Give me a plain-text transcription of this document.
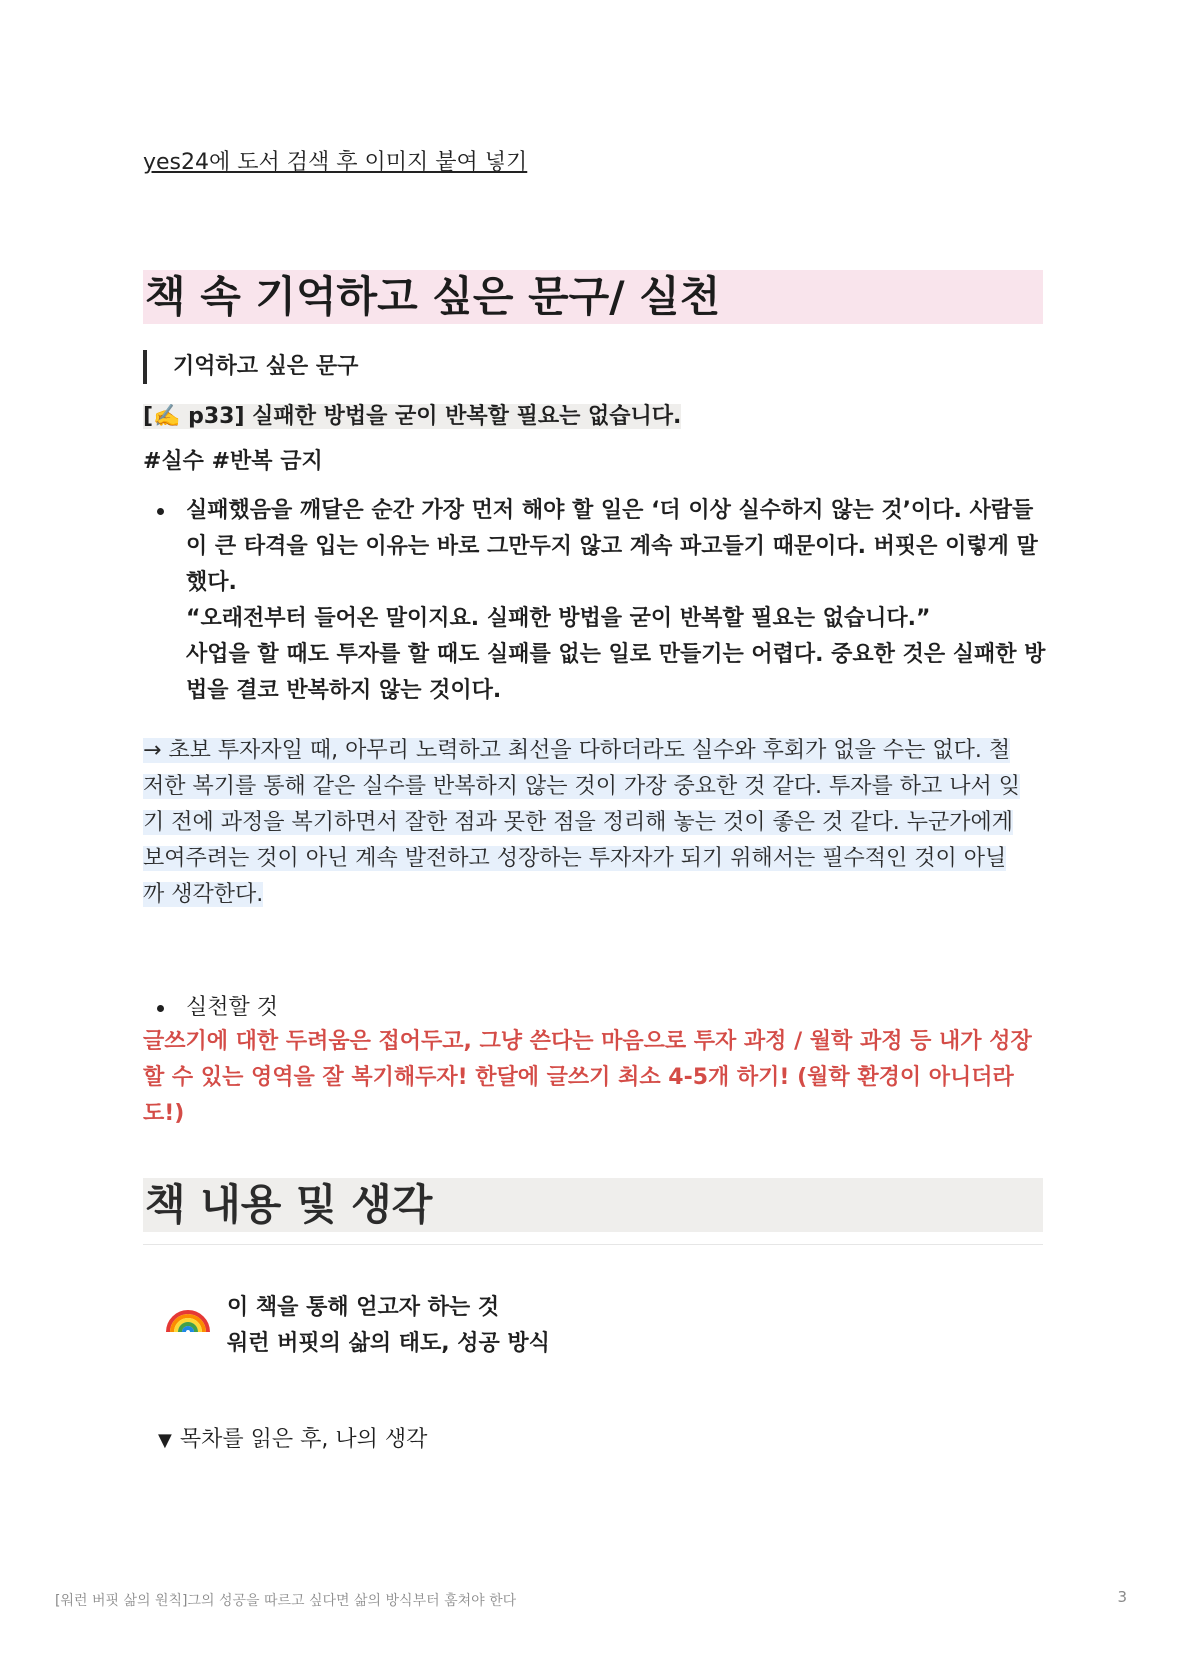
yes24에 도서 검색 후 이미지 붙여 넣기
책 속 기억하고 싶은 문구/ 실천
기억하고 싶은 문구
[✍️ p33] 실패한 방법을 굳이 반복할 필요는 없습니다.
#실수 #반복 금지
실패했음을 깨달은 순간 가장 먼저 해야 할 일은 ‘더 이상 실수하지 않는 것’이다. 사람들
이 큰 타격을 입는 이유는 바로 그만두지 않고 계속 파고들기 때문이다. 버핏은 이렇게 말
했다.
“오래전부터 들어온 말이지요. 실패한 방법을 굳이 반복할 필요는 없습니다.”
사업을 할 때도 투자를 할 때도 실패를 없는 일로 만들기는 어렵다. 중요한 것은 실패한 방
법을 결코 반복하지 않는 것이다.
→ 초보 투자자일 때, 아무리 노력하고 최선을 다하더라도 실수와 후회가 없을 수는 없다. 철
저한 복기를 통해 같은 실수를 반복하지 않는 것이 가장 중요한 것 같다. 투자를 하고 나서 잊
기 전에 과정을 복기하면서 잘한 점과 못한 점을 정리해 놓는 것이 좋은 것 같다. 누군가에게
보여주려는 것이 아닌 계속 발전하고 성장하는 투자자가 되기 위해서는 필수적인 것이 아닐
까 생각한다.
실천할 것
글쓰기에 대한 두려움은 접어두고, 그냥 쓴다는 마음으로 투자 과정 / 월학 과정 등 내가 성장
할 수 있는 영역을 잘 복기해두자! 한달에 글쓰기 최소 4-5개 하기! (월학 환경이 아니더라
도!)
책 내용 및 생각
이 책을 통해 얻고자 하는 것
워런 버핏의 삶의 태도, 성공 방식
▼ 목차를 읽은 후, 나의 생각
[워런 버핏 삶의 원칙]그의 성공을 따르고 싶다면 삶의 방식부터 훔쳐야 한다	3
